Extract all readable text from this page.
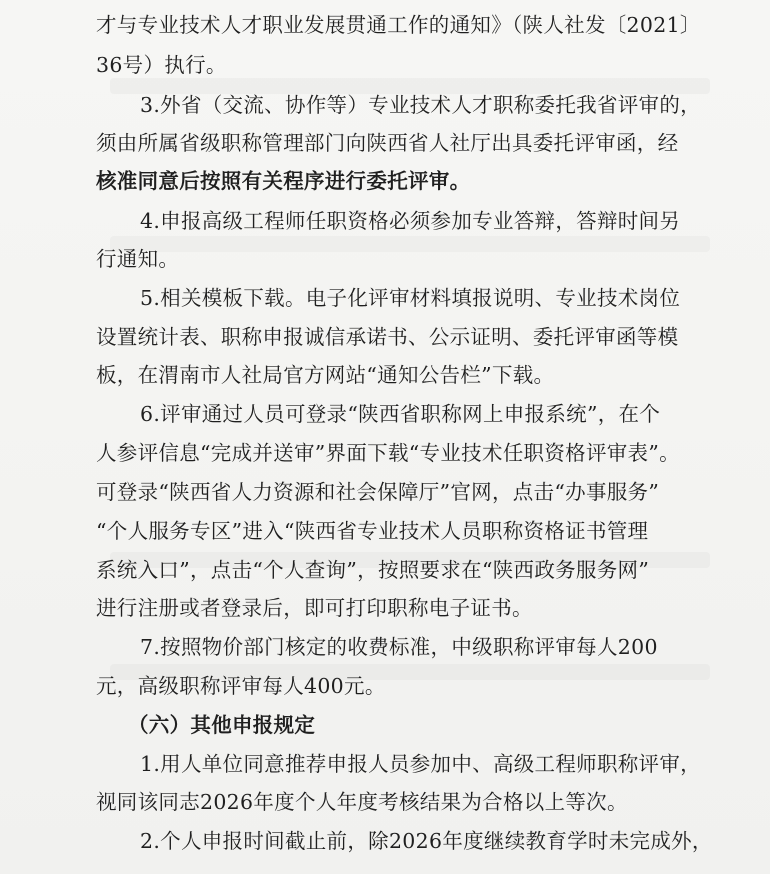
才与专业技术人才职业发展贯通工作的通知》（陕人社发〔2021〕
36号）执行。
3.外省（交流、协作等）专业技术人才职称委托我省评审的，
须由所属省级职称管理部门向陕西省人社厅出具委托评审函，经
核准同意后按照有关程序进行委托评审。
4.申报高级工程师任职资格必须参加专业答辩，答辩时间另
行通知。
5.相关模板下载。电子化评审材料填报说明、专业技术岗位
设置统计表、职称申报诚信承诺书、公示证明、委托评审函等模
板，在渭南市人社局官方网站“通知公告栏”下载。
6.评审通过人员可登录“陕西省职称网上申报系统”，在个
人参评信息“完成并送审”界面下载“专业技术任职资格评审表”。
可登录“陕西省人力资源和社会保障厅”官网，点击“办事服务”
“个人服务专区”进入“陕西省专业技术人员职称资格证书管理
系统入口”，点击“个人查询”，按照要求在“陕西政务服务网”
进行注册或者登录后，即可打印职称电子证书。
7.按照物价部门核定的收费标准，中级职称评审每人200
元，高级职称评审每人400元。
（六）其他申报规定
1.用人单位同意推荐申报人员参加中、高级工程师职称评审，
视同该同志2026年度个人年度考核结果为合格以上等次。
2.个人申报时间截止前，除2026年度继续教育学时未完成外，
